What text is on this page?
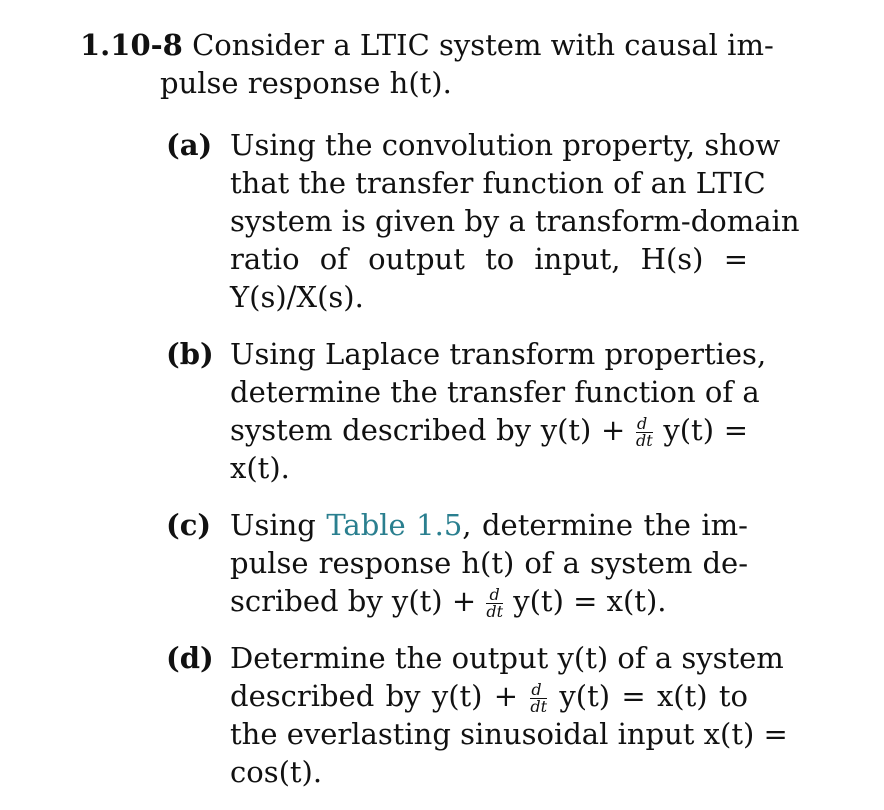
1.10-8 Consider a LTIC system with causal im-
pulse response h(t).
(a) Using the convolution property, show
that the transfer function of an LTIC
system is given by a transform-domain
ratio of output to input, H(s) =
Y(s)/X(s).
(b) Using Laplace transform properties,
determine the transfer function of a
system described by $y(t) + \frac{d}{dt} y(t)$ =
x(t).
(c) Using Table 1.5, determine the im-
pulse response h(t) of a system de-
scribed by $y(t) + \frac{d}{dt} y(t) = x(t)$.
(d) Determine the output y(t) of a system
described by $y(t) + \frac{d}{dt} y(t) = x(t)$ to
the everlasting sinusoidal input x(t) =
cos(t).
